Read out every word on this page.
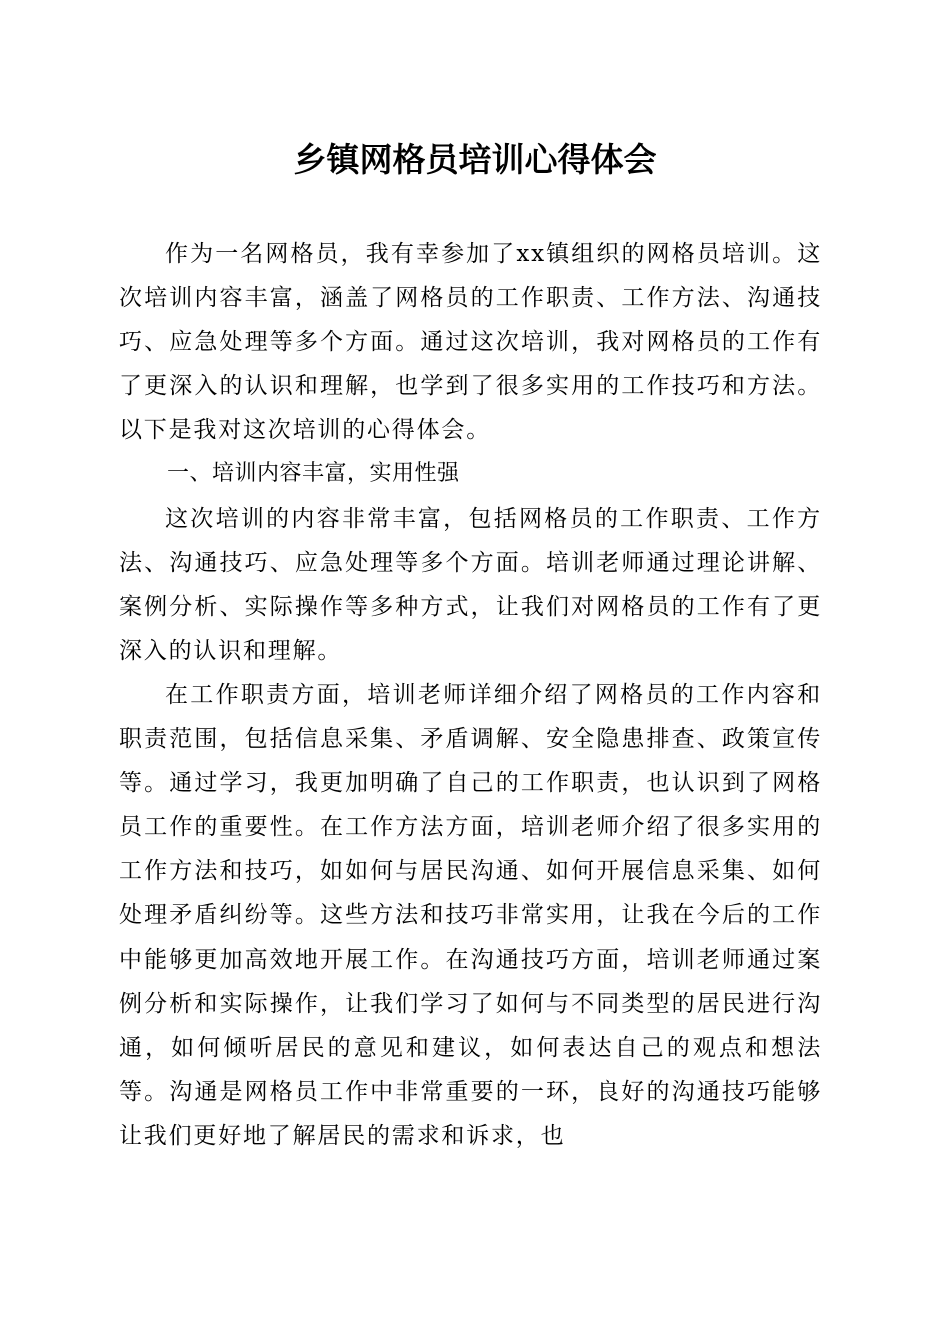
乡镇网格员培训心得体会

作为一名网格员，我有幸参加了xx镇组织的网格员培训。这次培训内容丰富，涵盖了网格员的工作职责、工作方法、沟通技巧、应急处理等多个方面。通过这次培训，我对网格员的工作有了更深入的认识和理解，也学到了很多实用的工作技巧和方法。以下是我对这次培训的心得体会。

一、培训内容丰富，实用性强

这次培训的内容非常丰富，包括网格员的工作职责、工作方法、沟通技巧、应急处理等多个方面。培训老师通过理论讲解、案例分析、实际操作等多种方式，让我们对网格员的工作有了更深入的认识和理解。

在工作职责方面，培训老师详细介绍了网格员的工作内容和职责范围，包括信息采集、矛盾调解、安全隐患排查、政策宣传等。通过学习，我更加明确了自己的工作职责，也认识到了网格员工作的重要性。在工作方法方面，培训老师介绍了很多实用的工作方法和技巧，如如何与居民沟通、如何开展信息采集、如何处理矛盾纠纷等。这些方法和技巧非常实用，让我在今后的工作中能够更加高效地开展工作。在沟通技巧方面，培训老师通过案例分析和实际操作，让我们学习了如何与不同类型的居民进行沟通，如何倾听居民的意见和建议，如何表达自己的观点和想法等。沟通是网格员工作中非常重要的一环，良好的沟通技巧能够让我们更好地了解居民的需求和诉求，也
